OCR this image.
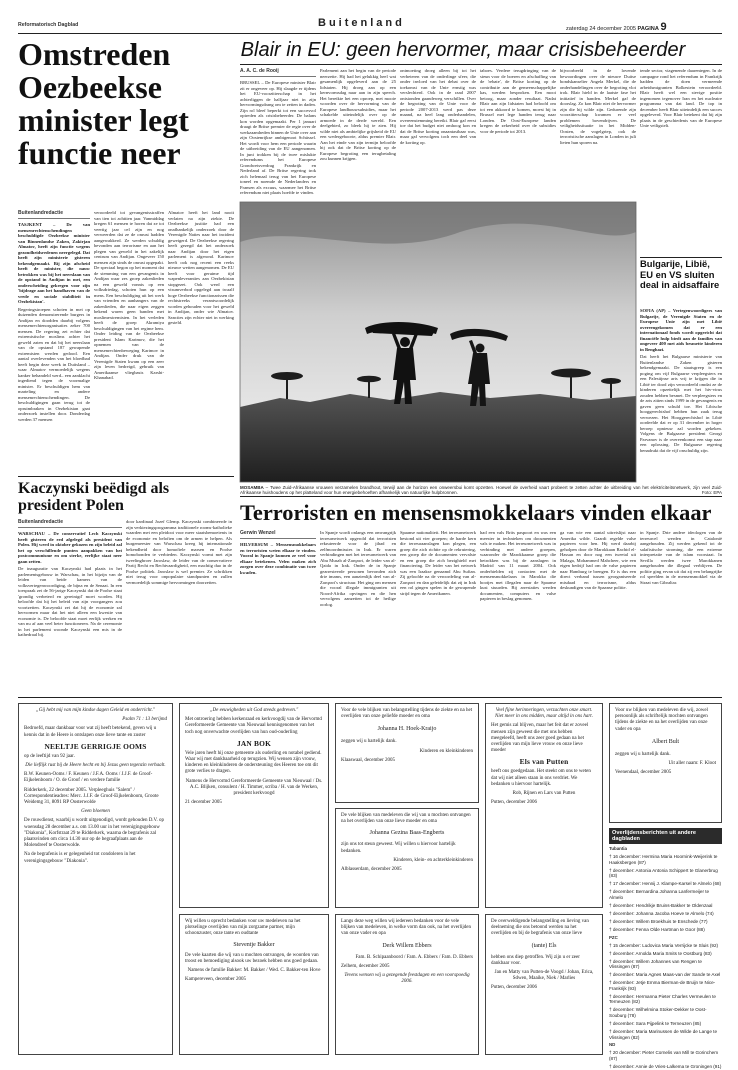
Reformatorisch Dagblad	Buitenland	zaterdag 24 december 2005 PAGINA 9
Omstreden Oezbeekse minister legt functie neer
Buitenlandredactie
TASJKENT – De van mensenrechtenschendingen beschuldigde Oezbeekse minister van Binnenlandse Zaken, Zakirjan Almatov, heeft zijn functie wegens gezondheidsredenen neergelegd. Dat heeft zijn ministerie gisteren bekendgemaakt. Bij zijn afscheid heeft de minister, die nauw betrokken was bij het neerslaan van de opstand in Andijan in mei, een onderscheiding gekregen voor zijn 'bijdrage aan het handhaven van de vrede en sociale stabiliteit in Oezbekistan'.
Regeringstroepen schoten in mei op duizenden demonstrerende burgers in Andijan en doodden daarbij volgens mensenrechtenorganisaties zeker 700 mensen. De regering zei echter dat extremistische moslims achter het geweld zaten en dat bij het neerslaan van de opstand 187 gewapende extremisten werden gedood. Een aantal overlevenden van het bloedbad heeft begin deze week in Duitsland –waar Almatov vermoedelijk wegens kanker behandeld werd– een aanklacht ingediend tegen de voormalige minister. Er beschuldigen hem van marteling en andere mensenrechtenschendingen. De beschuldigingen gaan terug tot de opruimbraken in Oezbekistan gaat onderzoek instellen door. Donderdag werden 37 mensen
veroordeeld tot gevangenisstraffen van tien tot achttien jaar. Vanmiddag kregen 61 mensen te horen dat ze tot veertig jaar cel zijn en nog verweerden dat ze de onrust hadden aangewakkerd. Ze werden schuldig bevonden aan terrorisme en aan het plegen van geweld in het zakelijk centrum van Andijan. Ongeveer 150 mensen zijn sinds de onrust opgepakt. De speciaal begon op het moment dat de stemming van een gevangenis in Andijan waar zes groep zakenlieden na een geweld vonnis op een volksdriedag, schoten hun op een mens. Een beschuldiging uit het werk van vrienden en aanhangers van de zakenlieden, die naar eigen zeggen bekend waren geen banden met moslimextremisten. In het verleden heeft de groep Akramiya beschuldigingen van het regime hem. Onder leiding van de Oezbeekse president Islam Karimov, die het opnemen van de mensenrechtenbeweging Karimov in Andijan. Onder druk van de Verenigde Staten kwam op een zeer zijn leven bedreigd, gebruik van Amerikaanse vliegbasis Karshi-Khanabad.
Almatov heeft het land nooit verlaten na zijn ziekte. De Oezbeekse justitie had een onafhankelijk onderzoek door de Verenigde Naties naar het incident geweigerd. De Oezbeekse regering heeft gezegd dat het onderzoek naar Andijan door het eigen parlement is afgerond. Karimov heeft ook nog recent een reeks nieuwe wetten aangenomen. De EU heeft voor geruime tijd wapenleveranties aan Oezbekistan stopgezet. Ook werd een visumverbod opgelegd aan twaalf hoge Oezbeekse functionarissen die rechtstreeks verantwoordelijk worden gehouden voor het geweld in Andijan, onder wie Almatov. Sancties zijn echter niet in werking gesteld.
Kaczynski beëdigd als president Polen
Buitenlandredactie
WARSCHAU – De conservatief Lech Kaczynski heeft gisteren de eed afgelegd als president van Polen. Hij werd in oktober gekozen en zijn beleid zal het op verschillende punten aanpakken van het postcommunisme en om sterke, eerlijke staat neer gaan zetten.
De inauguratie van Kaczynski had plaats in het parlementsgebouw in Warschau, in het bijzijn van de leiden van beide kamers van de volksvertegenwoordiging, de bijna en de Senaat. In een toespraak zei de 56-jarige Kaczynski dat de Poolse staat 'grondig verbeterd en gereinigd' moet worden. Hij beloofde dat hij het beleid van zijn voorgangers zou voortzetten. Kaczynski zei dat hij de economie zal hervormen maar dat het niet alleen een kwestie van economie is. De beloofde staat moet eerlijk werken en van nu af aan veel beter functioneren. Na de ceremonie in het parlement woonde Kaczynski een mis in de kathedraal bij.
door kardinaal Jozef Glemp. Kaczynski combineerde in zijn verkiezingsprogramma traditionele rooms-katholieke waarden met een pleidooi voor meer staatsbemoeienis in de economie en beloften om de armen te helpen. Als burgemeester van Warschau kreeg hij internationale bekendheid door homofiele marsen en Poolse homobonden te verbieden. Kaczynski vormt met zijn tweelingbroer Jaroslaw, de leider van de conservatieve Partij Recht en Rechtvaardigheid, een machtig duo in de Poolse politiek. Jaroslaw is wel premier. Ze schrikken niet terug voor onpopulaire standpunten en zullen vermoedelijk sommige hervormingen doorzetten.
Blair in EU: geen hervormer, maar crisisbeheerder
A. A. C. de Rooij
BRUSSEL – De Europese minister Blair zit er ongeveer op. Hij slaagde er tijdens het EU-voorzitterschap in het achterliggen de halfjaar niet in zijn hervormingsdrang om te zetten in daden. Zijn rol bleef beperkt tot een succesvol optreden als crisisbeheerder. De balans kon worden opgemaakt. Per 1 januari draagt de Britse premier de regie over de werkzaamheden binnen de Unie over aan zijn Oostenrijkse ambtgenoot Schüssel. Het wordt voor hem een periode waarin de uitbreiding van de EU aangenomen. In juni trokken bij de twee mislukte referendums het Europese Grondwetsverdrag Frankrijk en Nederland af. De Britse regering trok zich helemaal terug van het Europese toneel en noemde de Nederlanders en Fransen als excuus, waarmee het Britse referendum niet plaats hoefde te vinden.
Parlement aan het begin van de periode neerzette. Hij had het gelukkig heel wat gesamenlijk opgeleverd aan de 25 lidstaten. Hij droeg aan op een kernvormsdag naar aan in zijn speech. Het bereikte het een oproep, met mooie woorden over de hervorming van de Europese landbouwsubsidies, maar het schakelde uiteindelijk over op de armoede in de derde wereld. Een deelgebied, zo bleek hij te zien. Hij wilde niet als ambtelijke grijsheid de EU een wedergeboorte, aldus premier Blair. Aan het einde van zijn termijn beloofde hij ook dat de Britse korting op de Europese begroting een terugbetaling zou kunnen krijgen.
ontmoeting droeg alleen bij tot het verbeteren van de onderlinge sfeer, die onder invloed van het debat over de toekomst van de Unie ernstig was verslechterd. Ook in de raad 2007 ontstonden gaandeweg verschillen. Over de begroting van de Unie voor de periode 2007-2013 werd pas deze maand, na heel lang onderhandelen, overeenstemming bereikt. Blair gaf eerst toe dat het budget niet omhoog kon en dat de Britse korting onaantastbaar was, maar gaf vervolgens toch een deel van de korting op.
taboes. Verdere terugdringing van de steun voor de boeren en afschaffing van de 'rebate', de Britse korting op de contributie aan de gemeenschappelijke kas, werden besproken. Een mooi betoog, maar zonder resultaat. Nadat Blair aan zijn lidstaten had beloofd om tot een akkoord te komen, moest hij in Brussel met lege handen terug naar Londen. De Oost-Europese landen kregen de zekerheid over de subsidies voor de periode tot 2013.
bijvoorbeeld in de lovende bewoordingen over de nieuwe Duitse bondskanselier Angela Merkel, die de onderhandelingen over de begroting vlot trok. Blair hield in de laatste fase het initiatief in handen. Merkel gaf de doorslag. Zo kon Blair niet de hervormer zijn die hij wilde zijn. Gedurende zijn voorzitterschap kwamen er veel problemen bovendrijven. De veiligheidssituatie in het Midden-Oosten, de vogelgriep, ook de terroristische aanslagen in Londen in juli lieten hun sporen na.
tende sector, viagenende daarentegen. In de campagne rond het referendum in Frankrijk hadden de doen vermeende arbeidsmigranten Bolkestein veroordeeld. Blair heeft wel een stevige positie ingenomen tegenover Iran en het nucleaire programma van dat land. De top in december heeft Blair uiteindelijk een succes opgeleverd. Voor Blair betekent dat hij zijn plaats in de geschiedenis van de Europese Unie veiligstelt.
MOSAMBA – Twee Zuid-Afrikaanse vrouwen verzamelen brandhout, terwijl aan de horizon een onweersbui komt opzetten. Hoewel de overheid vaart probeert te zetten achter de uitbreiding van het elektriciteitsnetwerk, zijn veel Zuid-Afrikaanse huishoudens op het platteland voor hun energiebehoeften afhankelijk van natuurlijke hulpbronnen.	Foto: EPA
Bulgarije, Libië, EU en VS sluiten deal in aidsaffaire
SOFIA (AP) – Vertegenwoordigers van Bulgarije, de Verenigde Staten en de Europese Unie zijn met Libië overeengekomen dat er een internationaal fonds wordt opgericht dat financiële hulp biedt aan de families van ongeveer 400 met aids besmette kinderen in Benghazi.
Dat heeft het Bulgaarse ministerie van Buitenlandse Zaken gisteren bekendgemaakt. De staatsgreep is een poging om vijf Bulgaarse verpleegsters en een Palestijnse arts vrij te krijgen die in Libië ter dood zijn veroordeeld omdat ze de kinderen opzettelijk met het hiv-virus zouden hebben besmet. De verpleegsters en de arts zitten sinds 1999 in de gevangenis en gaven geen schuld toe. Het Libische hooggerechtshof hebben hun zaak terug verwezen. Het Hooggerechtshof in Libië oordeelde dat er op 31 december in hoger beroep opnieuw zal worden gekeken. Volgens de Bulgaarse president Georgi Parvanov is de overeenkomst een stap naar een oplossing. De Bulgaarse regering benadrukt dat de vijf onschuldig zijn.
Terroristen en mensensmokkelaars vinden elkaar
Gerwin Wenzel
HILVERSUM – Mensensmokkelaars en terroristen weten elkaar te vinden. Vooral in Spanje kunnen ze veel voor elkaar betekenen. Velen maken zich zorgen over deze combinatie van twee kwaden.
In Spanje wordt onlangs een omvangrijk terreurnetwerk opgerold dat terroristen rekruteerde voor de jihad en zelfmoordmissies in Irak. Er waren verbindingen met het terreurnetwerk van Abu Musab al-Zarqawi, de leider van al-Qaida in Irak. Onder de in Spanje gearresteerde personen bevonden zich drie imams, een aanzienlijk deel van al-Zarqawi's structuur. Het ging om mensen die vooral illegale immigranten uit Noord-Afrika opvingen en die hen vervolgens aanzetten tot de heilige oorlog.
Spaanse nationaliteit. Het terreurnetwerk bestond uit vier groepen; de harde kern die terreuraanslagen kon plegen, een groep die zich richtte op de rekrutering, een groep die de documenten vervalste en een groep die zich bezighield met financiering. De leider van het netwerk was een Iraakse genaamd Abu Sufian. Zij geloofde na de veroordeling van al-Zarqawi en dan geleidelijk dat zij in Irak een rol gingen spelen in de gewapende strijd tegen de Amerikanen.
had een vals Brits paspoort en was een meester in technieken om documenten vals te maken. Het terreurnetwerk was in verbinding met andere groepen, waaronder de Marokkaanse groep die betrokken was bij de aanslagen in Madrid van 11 maart 2004. Ook onderhielden zij contacten met de mensensmokkelaars in Marokko die bootjes met illegalen naar de Spaanse kust stuurden. Bij arrestaties werden documenten, computers en valse papieren in beslag genomen.
ga van wie een aantal uitreislijst naar Amerika wilde. Gaardi regelde valse papieren voor hen. Hij werd daarbij geholpen door de Marokkaan Rachid el-Hassan en door nog een tweetal uit Malaga, Mohammed Mahcheer, wie een eigen bedrijf had om de valse papieren naar Hamburg te brengen. Er is dus een direct verband tussen georganiseerde misdaad en terrorisme, aldus deskundigen van de Spaanse politie.
in Spanje. Drie andere ideologen van de terreurcel werden in Catalonië aangehouden. Zij werden gekend tot de salafistische stroming, die een extreme interpretatie van de islam voorstaat. In Sevilla werden twee Marokkanen aangehouden die illegaal verblijven. De politie ging ervan uit dat zij een belangrijke rol speelden in de mensensmokkel via de Straat van Gibraltar.

„Gij hebt mij van mijn kindse dagen Geleid en onderricht."

Psalm 71 : 13 berijmd

Bedroefd, maar dankbaar voor wat zij heeft betekend, geven wij u kennis dat in de Heere is ontslapen onze lieve tante en zuster

NEELTJE GERRIGJE OOMS

op de leeftijd van 92 jaar.

Die lieflijk rust bij de Heere hecht en bij Jezus geen tegenzin verhaalt.

B.W. Keunen-Ooms / F. Keunen / J.F.A. Ooms / J.J.F. de Groof-Eijkelenboom / O. de Groof / en verdere familie

Ridderkerk, 22 december 2005. Verpleeghuis "Salem" / Correspondentieadres: Merc. J.J.F. de Groof-Eijkelenboom, Groote Weidemg 31, 8091 RP Oosterwolde

Geen bloemen

De rouwdienst, waarbij u wordt uitgenodigd, wordt gehouden D.V. op woensdag 28 december a.s. om 13.00 uur in het verenigingsgebouw "Diakonia", Korfstraat 29 te Ridderkerk, waarna de begrafenis zal plaatsvinden om circa 14.30 uur op de begraafplaats aan de Molendreef te Oosterwolde.

Na de begrafenis is er gelegenheid tot condoleren in het verenigingsgebouw "Diakonia".

„De eeuwigheden uit God steeds gedreven."

Met ontroering hebben kerkenraad en kerkvoogdij van de Hervormd Gereformeerde Gemeente van Nieuwaal kennisgenomen van het toch nog onverwachte overlijden van hun oud-ouderling

JAN BOK

Vele jaren heeft hij onze gemeente als ouderling en notabel gediend. Waar wij met dankbaarheid op terugzien. Wij wensen zijn vrouw, kinderen en kleinkinderen de ondersteuning des Heeren toe om dit grote verlies te dragen.

Namens de Hervormd Gereformeerde Gemeente van Nieuwaal / Ds. A.C. Blijken, consulent / H. Timmer, scriba / H. van de Werken, president kerkvoogd

21 december 2005

Voor de vele blijken van belangstelling tijdens de ziekte en na het overlijden van onze geliefde moeder en oma

Johanna H. Hoek-Kraijo

zeggen wij u hartelijk dank.

Kinderen en kleinkinderen

Klaaswaal, december 2005

De vele blijken van medeleven die wij van u mochten ontvangen na het overlijden van onze lieve moeder en oma

Johanna Gezina Baas-Engberts

zijn ons tot steun geweest. Wij willen u hiervoor hartelijk bedanken.

Kinderen, klein- en achterkleinkinderen

Alblasserdam, december 2005

Veel fijne herinneringen, verzachten onze smart. Niet meer in ons midden, maar altijd in ons hart.

Het gemis zal blijven, maar het feit dat er zoveel mensen zijn geweest die met ons hebben meegeleefd, heeft ons zeer goed gedaan na het overlijden van mijn lieve vrouw en onze lieve moeder

Els van Putten

heeft ons goedgedaan. Het steekt om ons te weten dat wij niet alleen staan in ons verdriet. We bedanken u hiervoor hartelijk.

Rob, Rijnen en Lars van Putten

Putten, december 2006

Voor uw blijken van medeleven die wij, zowel persoonlijk als schriftelijk mochten ontvangen tijdens de ziekte en na het overlijden van onze vader en opa

Albert Bult

zeggen wij u hartelijk dank.

Uit aller naam: F. Kloot

Veenendaal, december 2005

Wij willen u oprecht bedanken voor uw medeleven na het plotselinge overlijden van mijn zorgzame partner, mijn schoonzuster, onze tante en oudtante

Steventje Bakker

De vele kaarten die wij van u mochten ontvangen, de woorden van troost en bemoediging alsook uw bezoek hebben ons goed gedaan.

Namens de familie Bakker: M. Bakker / Wed. C. Bakker-ten Hove

Kampereveen, december 2005

Langs deze weg willen wij iedereen bedanken voor de vele blijken van medeleven, in welke vorm dan ook, na het overlijden van onze vader en opa

Derk Willem Ebbers

Fam. B. Schipaanboord / Fam. A. Ebbers / Fam. D. Ebbers

Zelhem, december 2005

Tevens wensen wij u gezegende feestdagen en een voorspoedig 2006.

De overweldigende belangstelling en lieving van deelneming die ons betoond werden na het overlijden en bij de begrafenis van onze lieve

(tante) Els

hebben ons diep getroffen. Wij zijn u er zeer dankbaar voor.

Jan en Matty van Putten-de Voogd / Johan, Erica, Sdwen, Maaike, Niek / Marlies

Putten, december 2006

Overlijdensberichten uit andere dagbladen
Tubantia
† 16 december: Hermina Maria Hoornink-Weijerink te Haaksbergen (87)
† december: Antonia Antonia Schippert te Glanerbrug (83)
† 17 december: Hennij J. Klampe-Karsel te Almelo (68)
† december: Bernardina Johanna Lanfermeijer te Almelo
† december: Hendrikje Bruins-Bakker te Oldenzaal
† december: Johanna Jacoba Hoeve te Almelo (74)
† december: Willem Broekhuis te Enschede (77)
† december: Fenna Olde Hartman te Goor (88)
PZC
† 15 december: Ludovica Maria Verrijcke te Sluis (92)
† december: Arnolda Maria Smits te Oostburg (83)
† december: Willem Johannes van Rengen te Vlissingen (87)
† december: Maria Agnes Maas-van der Sande te Axel
† december: Jetje Emma Bierman-de Bruijn te Nice-Frankrijk (93)
† december: Hermanna Pieter Charles Vermeulen te Terneuzen (82)
† december: Wilhelmina Stoker-Dekker te Oost-Souburg (78)
† december: Sara Pijpelink te Terneuzen (85)
† december: Maria Marinussen de Wilde de Lange te Vlissingen (82)
ND
† 20 december: Pieter Cornelis van Mill te Gorinchem (87)
† december: Annie de Vries-Lalkema te Groningen (91)
